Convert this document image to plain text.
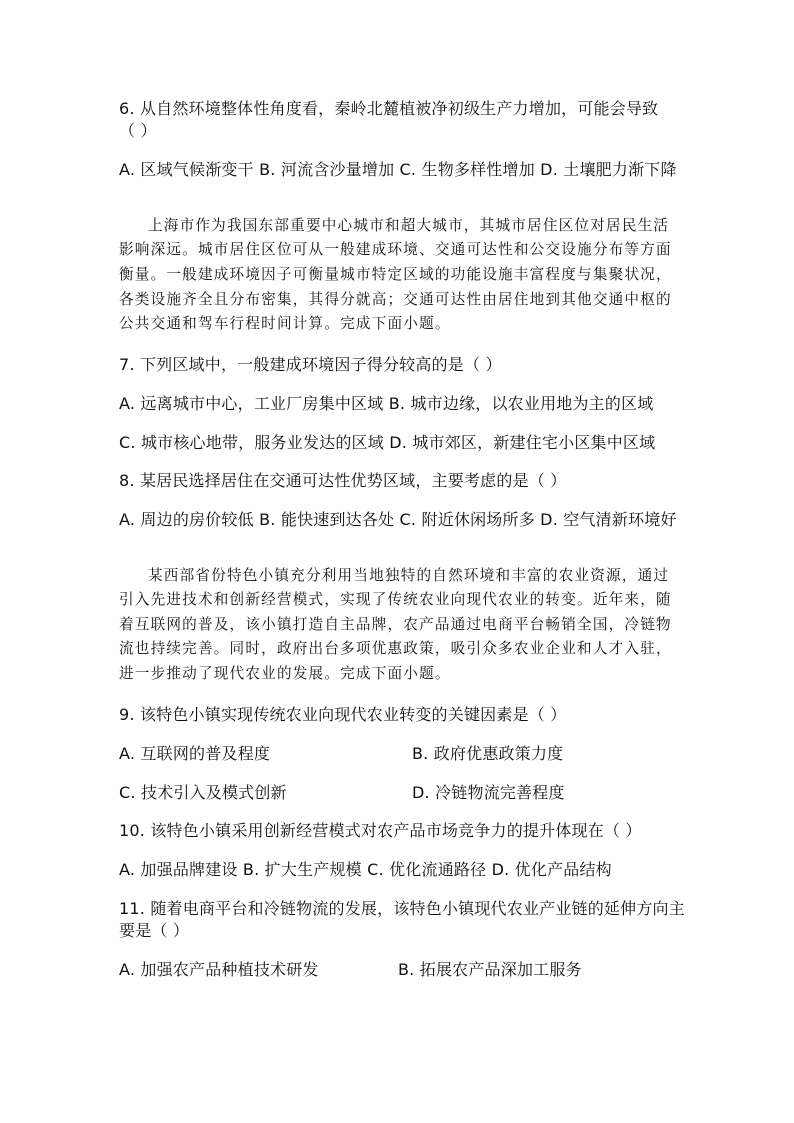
6. 从自然环境整体性角度看，秦岭北麓植被净初级生产力增加，可能会导致
（ ）
A. 区域气候渐变干 B. 河流含沙量增加 C. 生物多样性增加 D. 土壤肥力渐下降
上海市作为我国东部重要中心城市和超大城市，其城市居住区位对居民生活
影响深远。城市居住区位可从一般建成环境、交通可达性和公交设施分布等方面
衡量。一般建成环境因子可衡量城市特定区域的功能设施丰富程度与集聚状况，
各类设施齐全且分布密集，其得分就高；交通可达性由居住地到其他交通中枢的
公共交通和驾车行程时间计算。完成下面小题。
7. 下列区域中，一般建成环境因子得分较高的是（ ）
A. 远离城市中心，工业厂房集中区域 B. 城市边缘，以农业用地为主的区域
C. 城市核心地带，服务业发达的区域 D. 城市郊区，新建住宅小区集中区域
8. 某居民选择居住在交通可达性优势区域，主要考虑的是（ ）
A. 周边的房价较低 B. 能快速到达各处 C. 附近休闲场所多 D. 空气清新环境好
某西部省份特色小镇充分利用当地独特的自然环境和丰富的农业资源，通过
引入先进技术和创新经营模式，实现了传统农业向现代农业的转变。近年来，随
着互联网的普及，该小镇打造自主品牌，农产品通过电商平台畅销全国，冷链物
流也持续完善。同时，政府出台多项优惠政策，吸引众多农业企业和人才入驻，
进一步推动了现代农业的发展。完成下面小题。
9. 该特色小镇实现传统农业向现代农业转变的关键因素是（ ）
A. 互联网的普及程度	B. 政府优惠政策力度
C. 技术引入及模式创新	D. 冷链物流完善程度
10. 该特色小镇采用创新经营模式对农产品市场竞争力的提升体现在（ ）
A. 加强品牌建设 B. 扩大生产规模 C. 优化流通路径 D. 优化产品结构
11. 随着电商平台和冷链物流的发展，该特色小镇现代农业产业链的延伸方向主
要是（ ）
A. 加强农产品种植技术研发	B. 拓展农产品深加工服务
